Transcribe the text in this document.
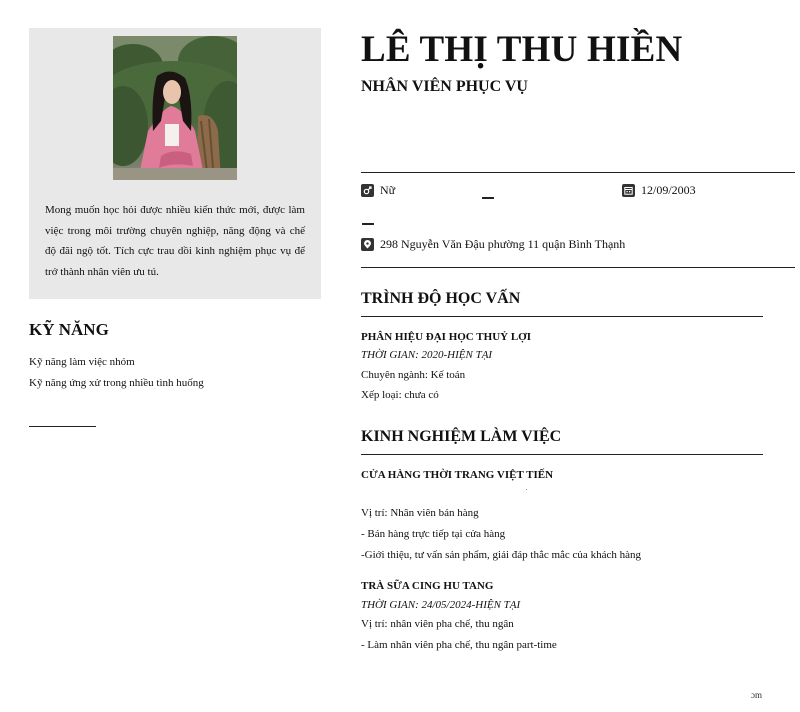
Mong muốn học hỏi được nhiều kiến thức mới, được làm việc trong môi trường chuyên nghiệp, năng động và chế độ đãi ngộ tốt. Tích cực trau dồi kinh nghiệm phục vụ để trở thành nhân viên ưu tú.
KỸ NĂNG
Kỹ năng làm việc nhóm
Kỹ năng ứng xử trong nhiều tình huống
LÊ THỊ THU HIỀN
NHÂN VIÊN PHỤC VỤ
Nữ	12/09/2003
298 Nguyễn Văn Đậu phường 11 quận Bình Thạnh
TRÌNH ĐỘ HỌC VẤN

PHÂN HIỆU ĐẠI HỌC THUỶ LỢI

THỜI GIAN: 2020-HIỆN TẠI

Chuyên ngành: Kế toán

Xếp loại: chưa có

KINH NGHIỆM LÀM VIỆC

CỬA HÀNG THỜI TRANG VIỆT TIẾN

Vị trí: Nhân viên bán hàng

- Bán hàng trực tiếp tại cửa hàng

-Giới thiệu, tư vấn sản phẩm, giải đáp thắc mắc của khách hàng

TRÀ SỮA CING HU TANG

THỜI GIAN: 24/05/2024-HIỆN TẠI

Vị trí: nhân viên pha chế, thu ngân

- Làm nhân viên pha chế, thu ngân part-time

ɔm
